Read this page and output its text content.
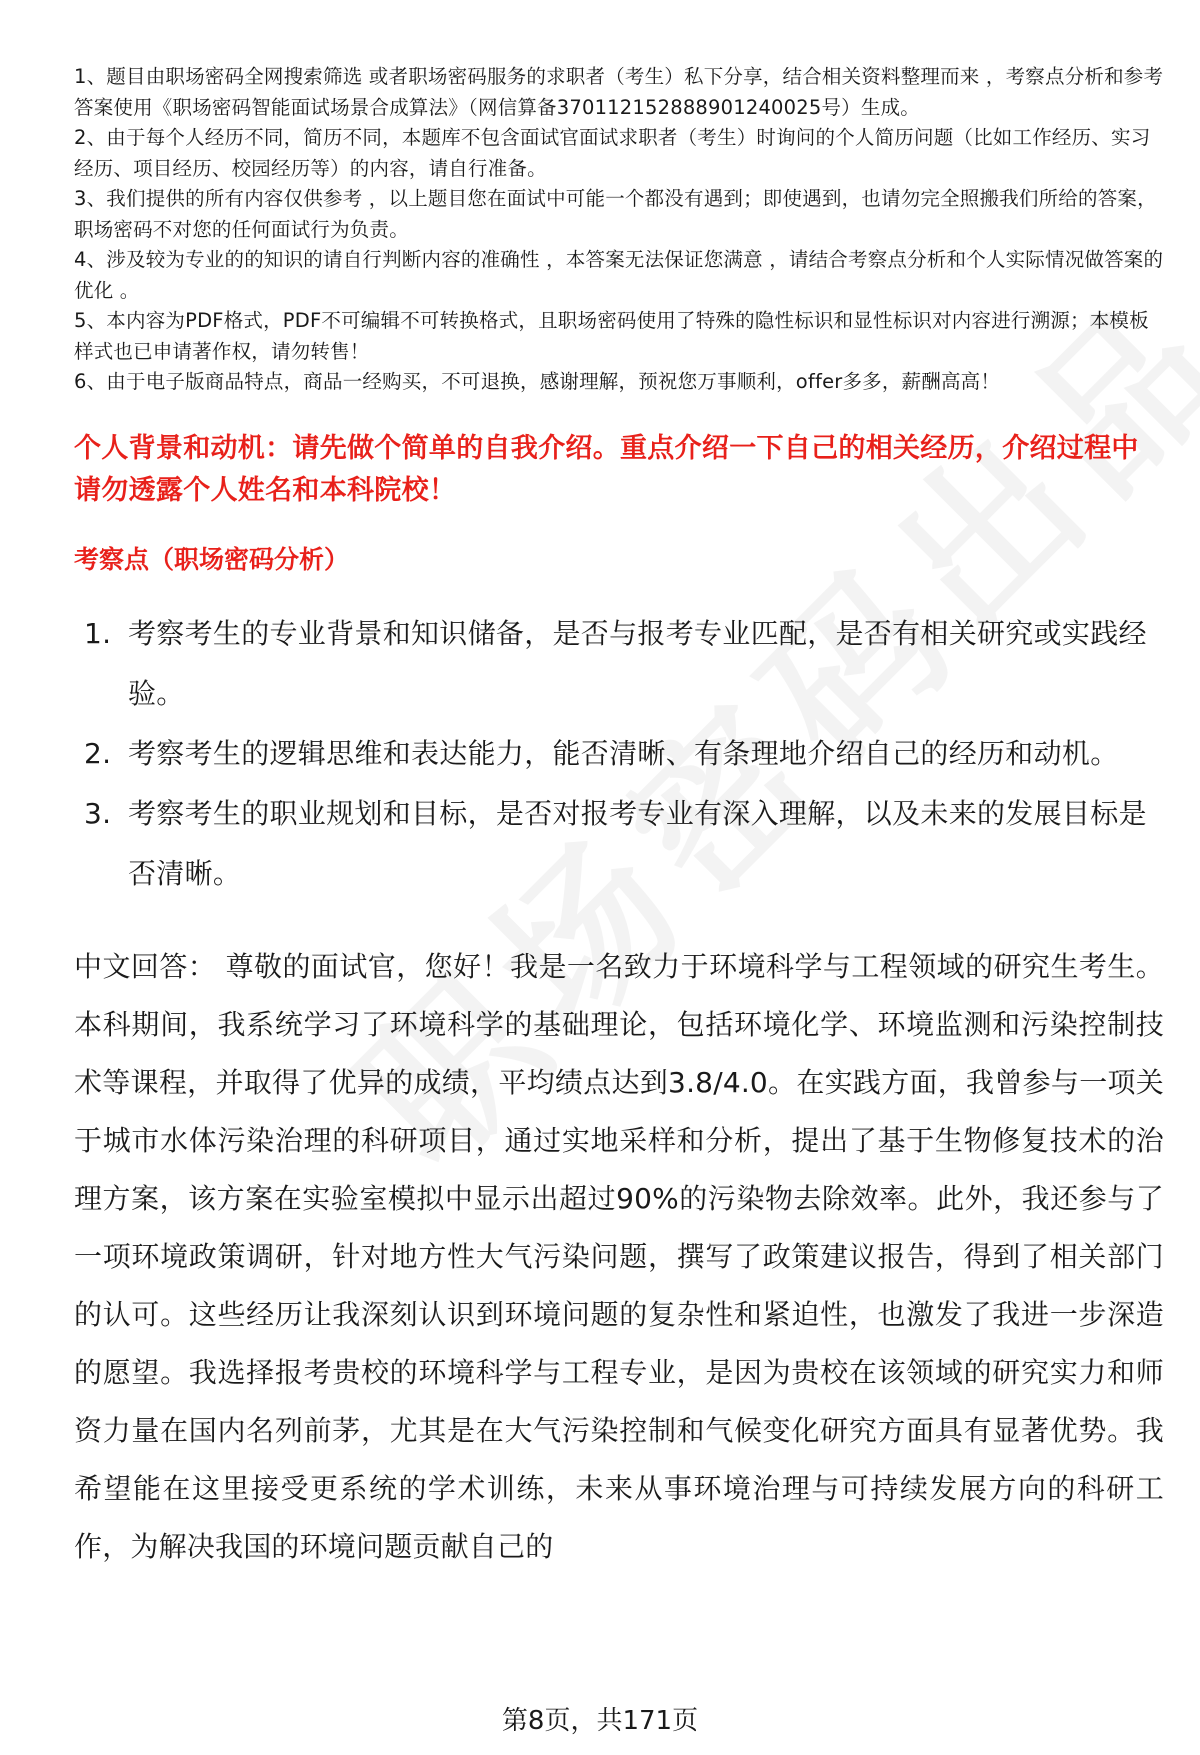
1、题目由职场密码全网搜索筛选 或者职场密码服务的求职者（考生）私下分享，结合相关资料整理而来 ，考察点分析和参考答案使用《职场密码智能面试场景合成算法》（网信算备370112152888901240025号）生成。

2、由于每个人经历不同，简历不同，本题库不包含面试官面试求职者（考生）时询问的个人简历问题（比如工作经历、实习经历、项目经历、校园经历等）的内容，请自行准备。

3、我们提供的所有内容仅供参考 ，以上题目您在面试中可能一个都没有遇到；即使遇到，也请勿完全照搬我们所给的答案，职场密码不对您的任何面试行为负责。

4、涉及较为专业的的知识的请自行判断内容的准确性 ，本答案无法保证您满意 ，请结合考察点分析和个人实际情况做答案的优化 。

5、本内容为PDF格式，PDF不可编辑不可转换格式，且职场密码使用了特殊的隐性标识和显性标识对内容进行溯源；本模板样式也已申请著作权，请勿转售！

6、由于电子版商品特点，商品一经购买，不可退换，感谢理解，预祝您万事顺利，offer多多，薪酬高高！

个人背景和动机：请先做个简单的自我介绍。重点介绍一下自己的相关经历，介绍过程中请勿透露个人姓名和本科院校！
考察点（职场密码分析）
1. 考察考生的专业背景和知识储备，是否与报考专业匹配，是否有相关研究或实践经验。
2. 考察考生的逻辑思维和表达能力，能否清晰、有条理地介绍自己的经历和动机。
3. 考察考生的职业规划和目标，是否对报考专业有深入理解，以及未来的发展目标是否清晰。

中文回答： 尊敬的面试官，您好！我是一名致力于环境科学与工程领域的研究生考生。本科期间，我系统学习了环境科学的基础理论，包括环境化学、环境监测和污染控制技术等课程，并取得了优异的成绩，平均绩点达到3.8/4.0。在实践方面，我曾参与一项关于城市水体污染治理的科研项目，通过实地采样和分析，提出了基于生物修复技术的治理方案，该方案在实验室模拟中显示出超过90%的污染物去除效率。此外，我还参与了一项环境政策调研，针对地方性大气污染问题，撰写了政策建议报告，得到了相关部门的认可。这些经历让我深刻认识到环境问题的复杂性和紧迫性，也激发了我进一步深造的愿望。我选择报考贵校的环境科学与工程专业，是因为贵校在该领域的研究实力和师资力量在国内名列前茅，尤其是在大气污染控制和气候变化研究方面具有显著优势。我希望能在这里接受更系统的学术训练，未来从事环境治理与可持续发展方向的科研工作，为解决我国的环境问题贡献自己的

第8页，共171页
